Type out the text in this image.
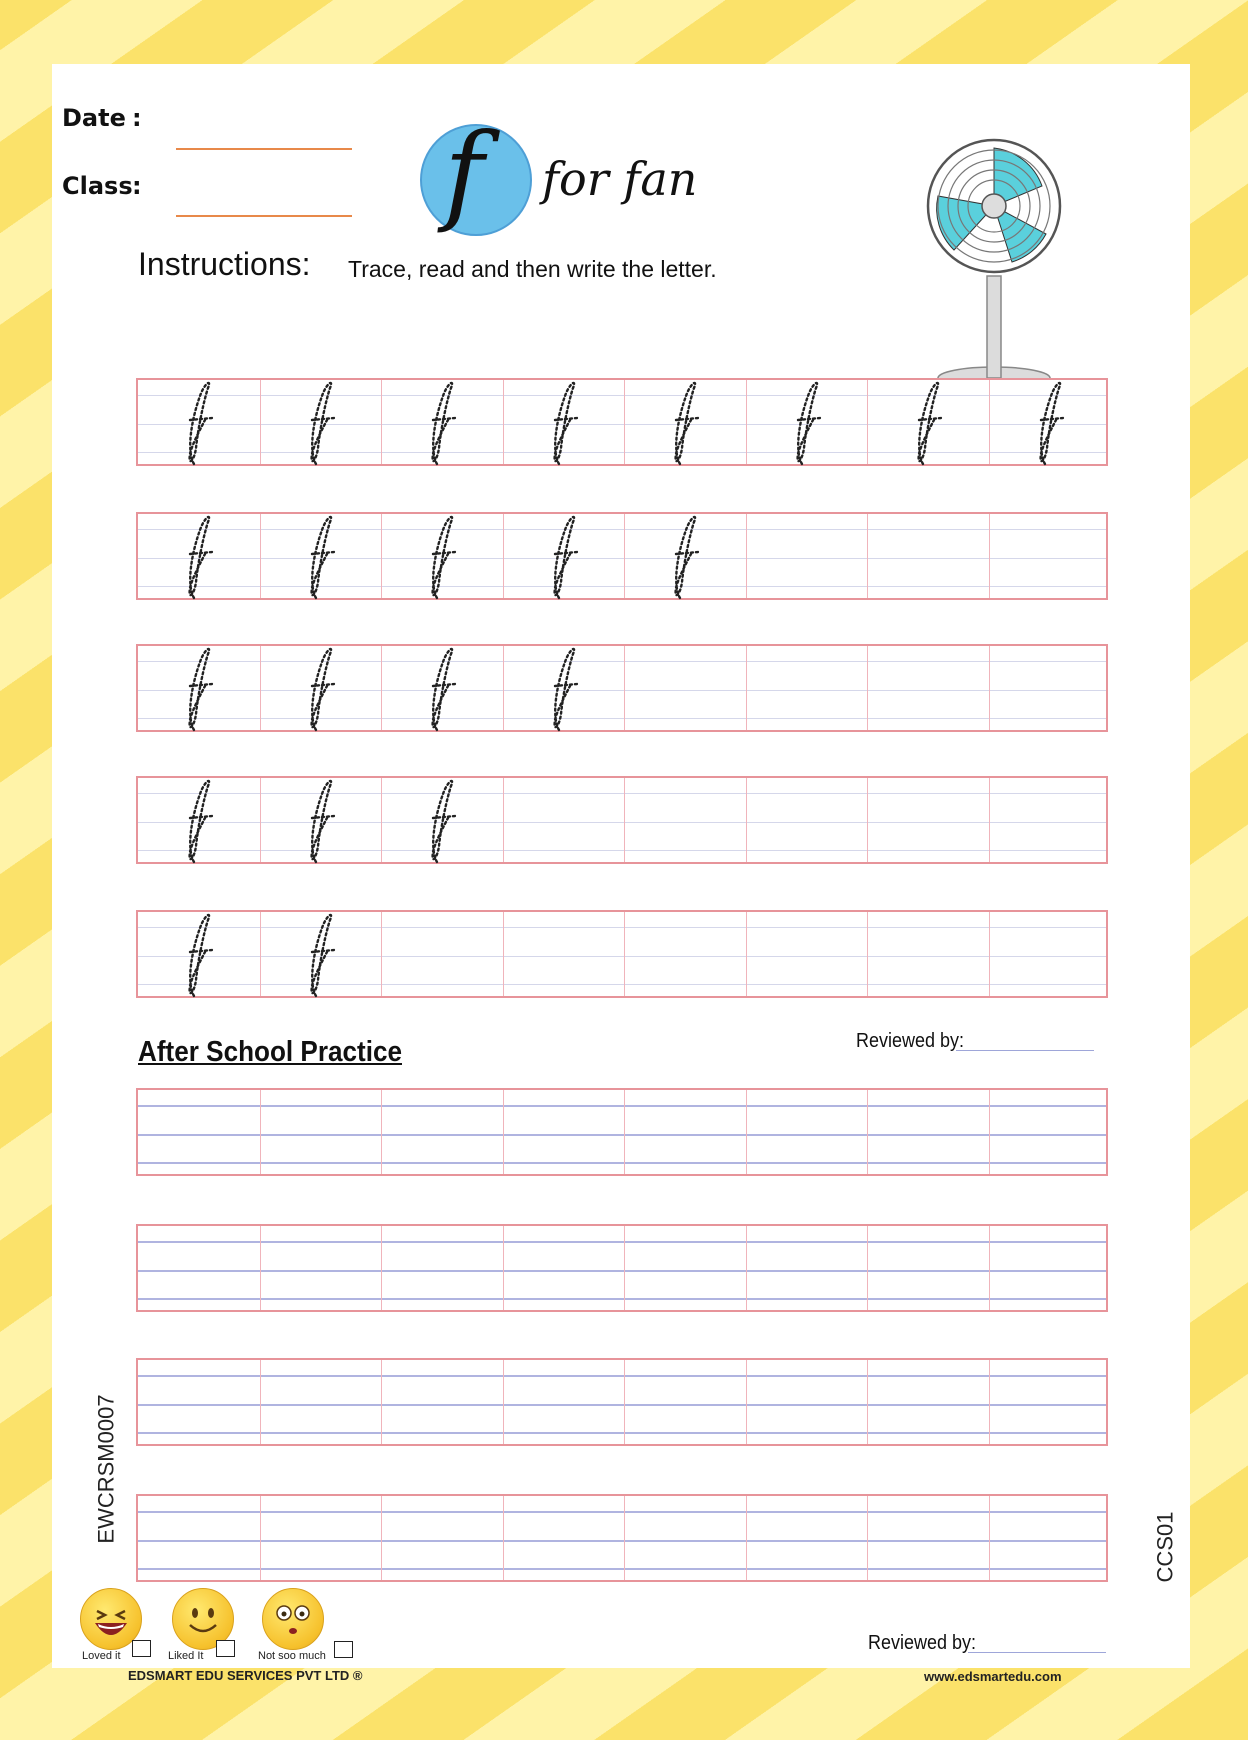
Date :
Class :	f for fan
Instructions: Trace, read and then write the letter.
After School Practice	Reviewed by:
EWCRSM0007
CCS01
Loved it	Liked It	Not soo much
Reviewed by:
EDSMART EDU SERVICES PVT LTD ®	www.edsmartedu.com
